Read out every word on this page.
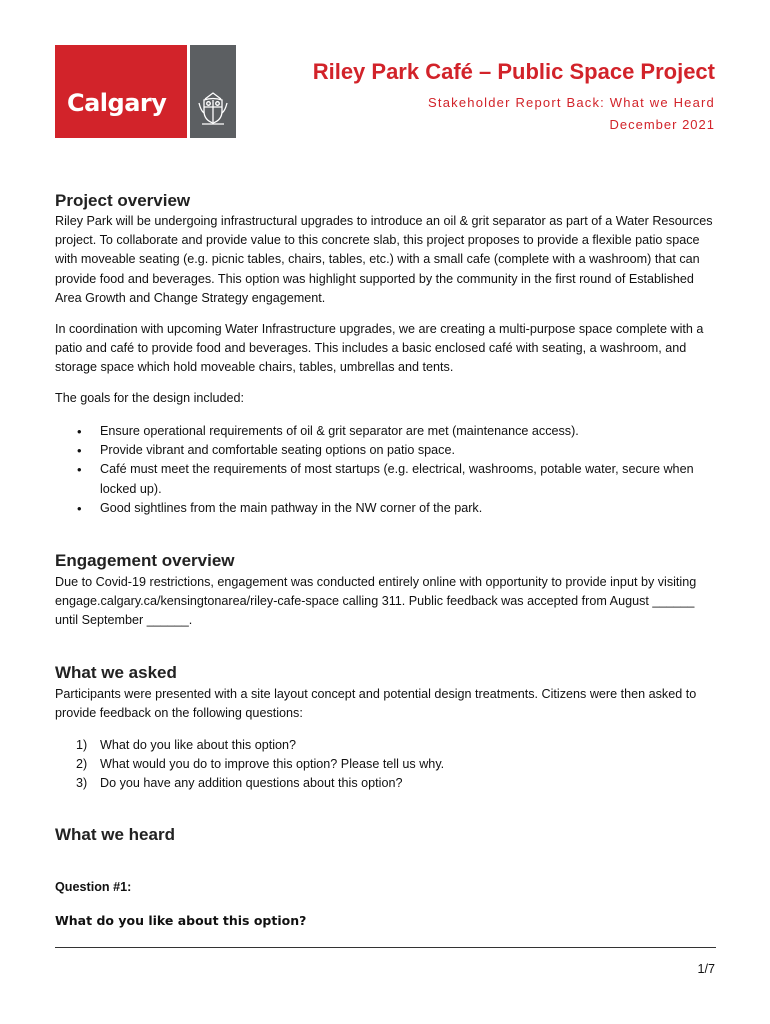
Calgary
Riley Park Café – Public Space Project

Stakeholder Report Back: What we Heard

December 2021

Project overview

Riley Park will be undergoing infrastructural upgrades to introduce an oil & grit separator as part of a Water Resources project. To collaborate and provide value to this concrete slab, this project proposes to provide a flexible patio space with moveable seating (e.g. picnic tables, chairs, tables, etc.) with a small cafe (complete with a washroom) that can provide food and beverages. This option was highlight supported by the community in the first round of Established Area Growth and Change Strategy engagement.

In coordination with upcoming Water Infrastructure upgrades, we are creating a multi-purpose space complete with a patio and café to provide food and beverages. This includes a basic enclosed café with seating, a washroom, and storage space which hold moveable chairs, tables, umbrellas and tents.

The goals for the design included:

• Ensure operational requirements of oil & grit separator are met (maintenance access).
• Provide vibrant and comfortable seating options on patio space.
• Café must meet the requirements of most startups (e.g. electrical, washrooms, potable water, secure when locked up).
• Good sightlines from the main pathway in the NW corner of the park.
Engagement overview

Due to Covid-19 restrictions, engagement was conducted entirely online with opportunity to provide input by visiting engage.calgary.ca/kensingtonarea/riley-cafe-space calling 311. Public feedback was accepted from August ______ until September ______.

What we asked

Participants were presented with a site layout concept and potential design treatments. Citizens were then asked to provide feedback on the following questions:

1) What do you like about this option?
2) What would you do to improve this option? Please tell us why.
3) Do you have any addition questions about this option?
What we heard

Question #1:

What do you like about this option?

1/7
